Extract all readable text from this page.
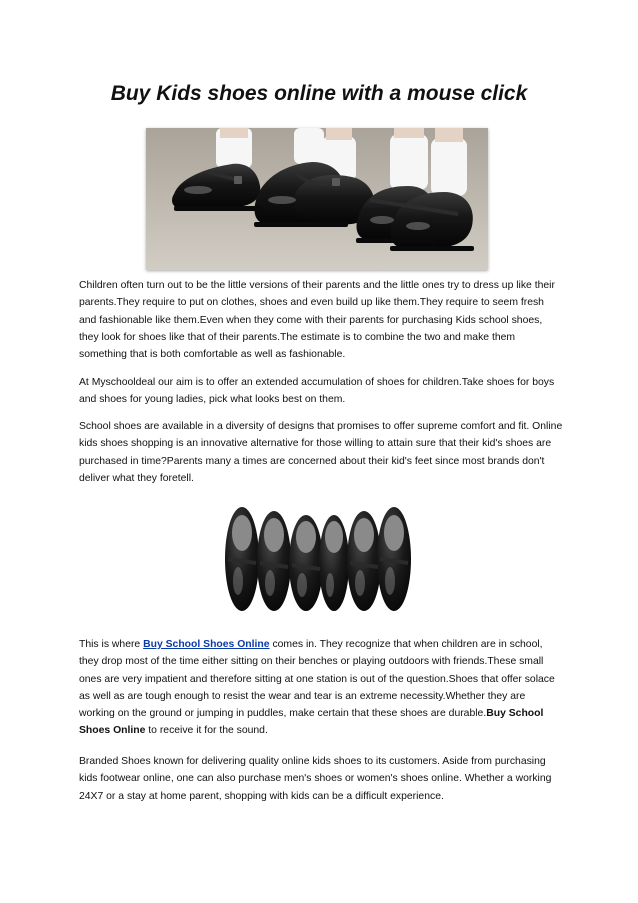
Buy Kids shoes online with a mouse click

Children often turn out to be the little versions of their parents and the little ones try to dress up like their parents.They require to put on clothes, shoes and even build up like them.They require to seem fresh and fashionable like them.Even when they come with their parents for purchasing Kids school shoes, they look for shoes like that of their parents.The estimate is to combine the two and make them something that is both comfortable as well as fashionable.

At Myschooldeal our aim is to offer an extended accumulation of shoes for children.Take shoes for boys and shoes for young ladies, pick what looks best on them.

School shoes are available in a diversity of designs that promises to offer supreme comfort and fit. Online kids shoes shopping is an innovative alternative for those willing to attain sure that their kid's shoes are purchased in time?Parents many a times are concerned about their kid's feet since most brands don't deliver what they foretell.

This is where Buy School Shoes Online comes in. They recognize that when children are in school, they drop most of the time either sitting on their benches or playing outdoors with friends.These small ones are very impatient and therefore sitting at one station is out of the question.Shoes that offer solace as well as are tough enough to resist the wear and tear is an extreme necessity.Whether they are working on the ground or jumping in puddles, make certain that these shoes are durable.Buy School Shoes Online to receive it for the sound.

Branded Shoes known for delivering quality online kids shoes to its customers. Aside from purchasing kids footwear online, one can also purchase men's shoes or women's shoes online. Whether a working 24X7 or a stay at home parent, shopping with kids can be a difficult experience.
